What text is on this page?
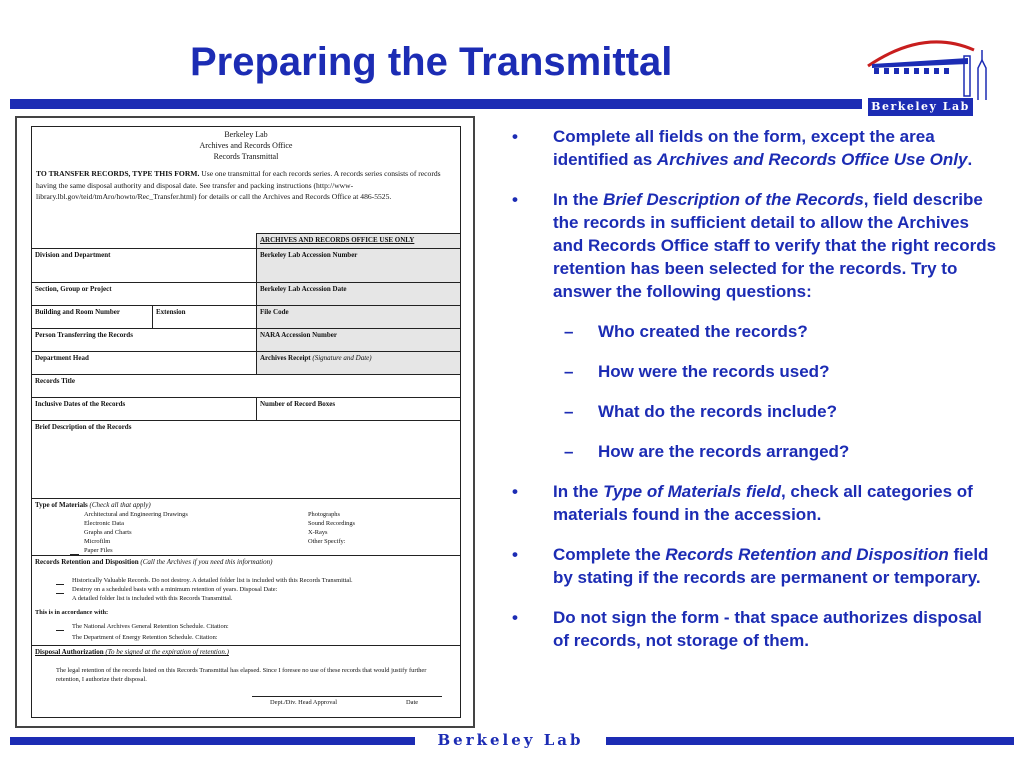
Preparing the Transmittal
Berkeley Lab
Berkeley Lab
Archives and Records Office
Records Transmittal
TO TRANSFER RECORDS, TYPE THIS FORM. Use one transmittal for each records series. A records series consists of records having the same disposal authority and disposal date. See transfer and packing instructions (http://www-library.lbl.gov/teid/tmAro/howto/Rec_Transfer.html) for details or call the Archives and Records Office at 486-5525.
ARCHIVES AND RECORDS OFFICE USE ONLY
Division and Department	Berkeley Lab Accession Number
Section, Group or Project	Berkeley Lab Accession Date
Building and Room Number	Extension	File Code
Person Transferring the Records	NARA Accession Number
Department Head	Archives Receipt (Signature and Date)
Records Title
Inclusive Dates of the Records	Number of Record Boxes
Brief Description of the Records
Type of Materials (Check all that apply)
Architectural and Engineering Drawings
Electronic Data
Graphs and Charts
Microfilm
Paper Files
Photographs
Sound Recordings
X-Rays
Other Specify:
Records Retention and Disposition (Call the Archives if you need this information)
Historically Valuable Records. Do not destroy. A detailed folder list is included with this Records Transmittal.
Destroy on a scheduled basis with a minimum retention of years. Disposal Date:
A detailed folder list is included with this Records Transmittal.
This is in accordance with:
The National Archives General Retention Schedule. Citation:
The Department of Energy Retention Schedule. Citation:
Disposal Authorization (To be signed at the expiration of retention.)
The legal retention of the records listed on this Records Transmittal has elapsed. Since I foresee no use of these records that would justify further retention, I authorize their disposal.
Dept./Div. Head Approval	Date
• Complete all fields on the form, except the area identified as Archives and Records Office Use Only.
• In the Brief Description of the Records, field describe the records in sufficient detail to allow the Archives and Records Office staff to verify that the right records retention has been selected for the records. Try to answer the following questions:
– Who created the records?
– How were the records used?
– What do the records include?
– How are the records arranged?
• In the Type of Materials field, check all categories of materials found in the accession.
• Complete the Records Retention and Disposition field by stating if the records are permanent or temporary.
• Do not sign the form - that space authorizes disposal of records, not storage of them.
Berkeley Lab
